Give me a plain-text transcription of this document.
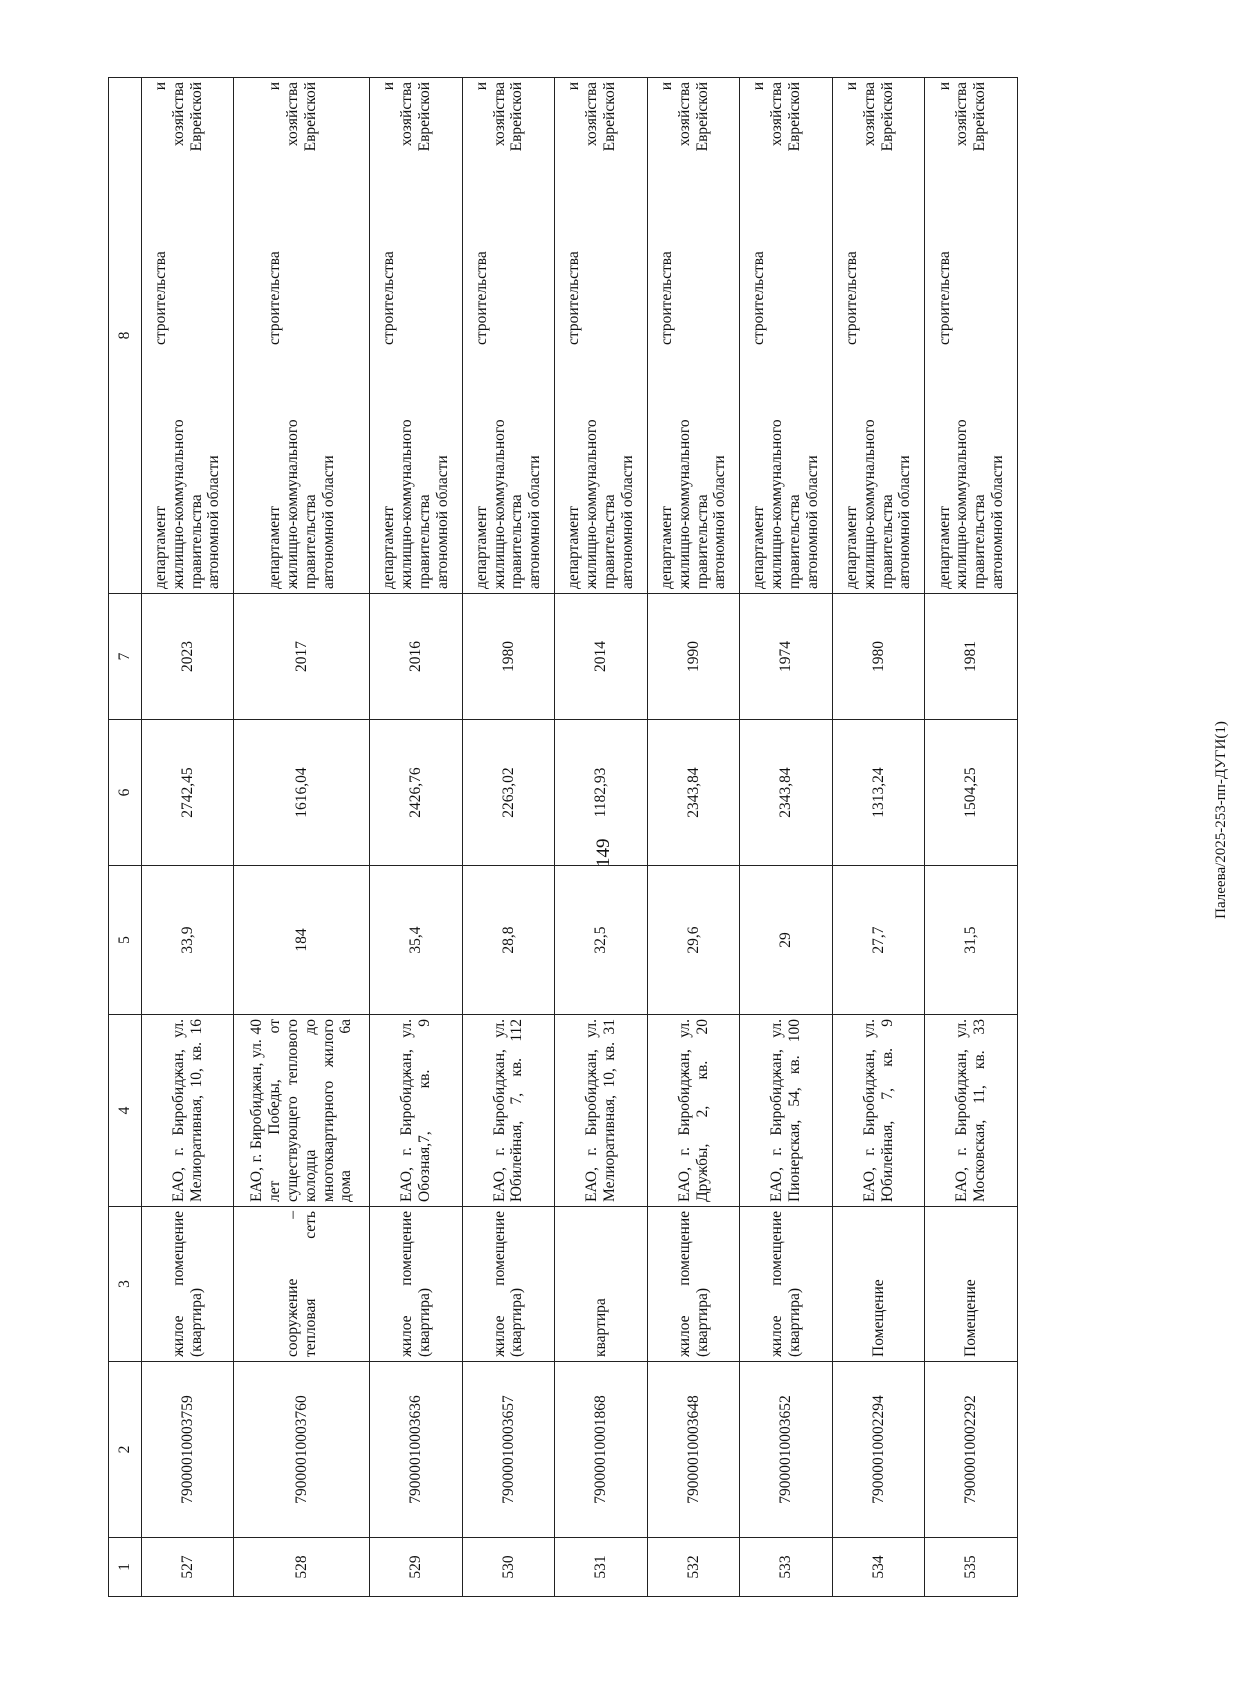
149
1	2	3	4	5	6	7	8
527	79000010003759	жилое помещение (квартира)	ЕАО, г. Биробиджан, ул. Мелиоративная, 10, кв. 16	33,9	2742,45	2023	департамент строительства и жилищно-коммунального хозяйства правительства Еврейской автономной области

528	79000010003760	сооружение – тепловая сеть	ЕАО, г. Биробиджан, ул. 40 лет Победы, от существующего теплового колодца до многоквартирного жилого дома 6а	184	1616,04	2017	департамент строительства и жилищно-коммунального хозяйства правительства Еврейской автономной области

529	79000010003636	жилое помещение (квартира)	ЕАО, г. Биробиджан, ул. Обозная,7, кв. 9	35,4	2426,76	2016	департамент строительства и жилищно-коммунального хозяйства правительства Еврейской автономной области

530	79000010003657	жилое помещение (квартира)	ЕАО, г. Биробиджан, ул. Юбилейная, 7, кв. 112	28,8	2263,02	1980	департамент строительства и жилищно-коммунального хозяйства правительства Еврейской автономной области

531	79000010001868	квартира	ЕАО, г. Биробиджан, ул. Мелиоративная, 10, кв. 31	32,5	1182,93	2014	департамент строительства и жилищно-коммунального хозяйства правительства Еврейской автономной области

532	79000010003648	жилое помещение (квартира)	ЕАО, г. Биробиджан, ул. Дружбы, 2, кв. 20	29,6	2343,84	1990	департамент строительства и жилищно-коммунального хозяйства правительства Еврейской автономной области

533	79000010003652	жилое помещение (квартира)	ЕАО, г. Биробиджан, ул. Пионерская, 54, кв. 100	29	2343,84	1974	департамент строительства и жилищно-коммунального хозяйства правительства Еврейской автономной области

534	79000010002294	Помещение	ЕАО, г. Биробиджан, ул. Юбилейная, 7, кв. 9	27,7	1313,24	1980	департамент строительства и жилищно-коммунального хозяйства правительства Еврейской автономной области

535	79000010002292	Помещение	ЕАО, г. Биробиджан, ул. Московская, 11, кв. 33	31,5	1504,25	1981	департамент строительства и жилищно-коммунального хозяйства правительства Еврейской автономной области
Палеева/2025-253-пп-ДУГИ(1)
